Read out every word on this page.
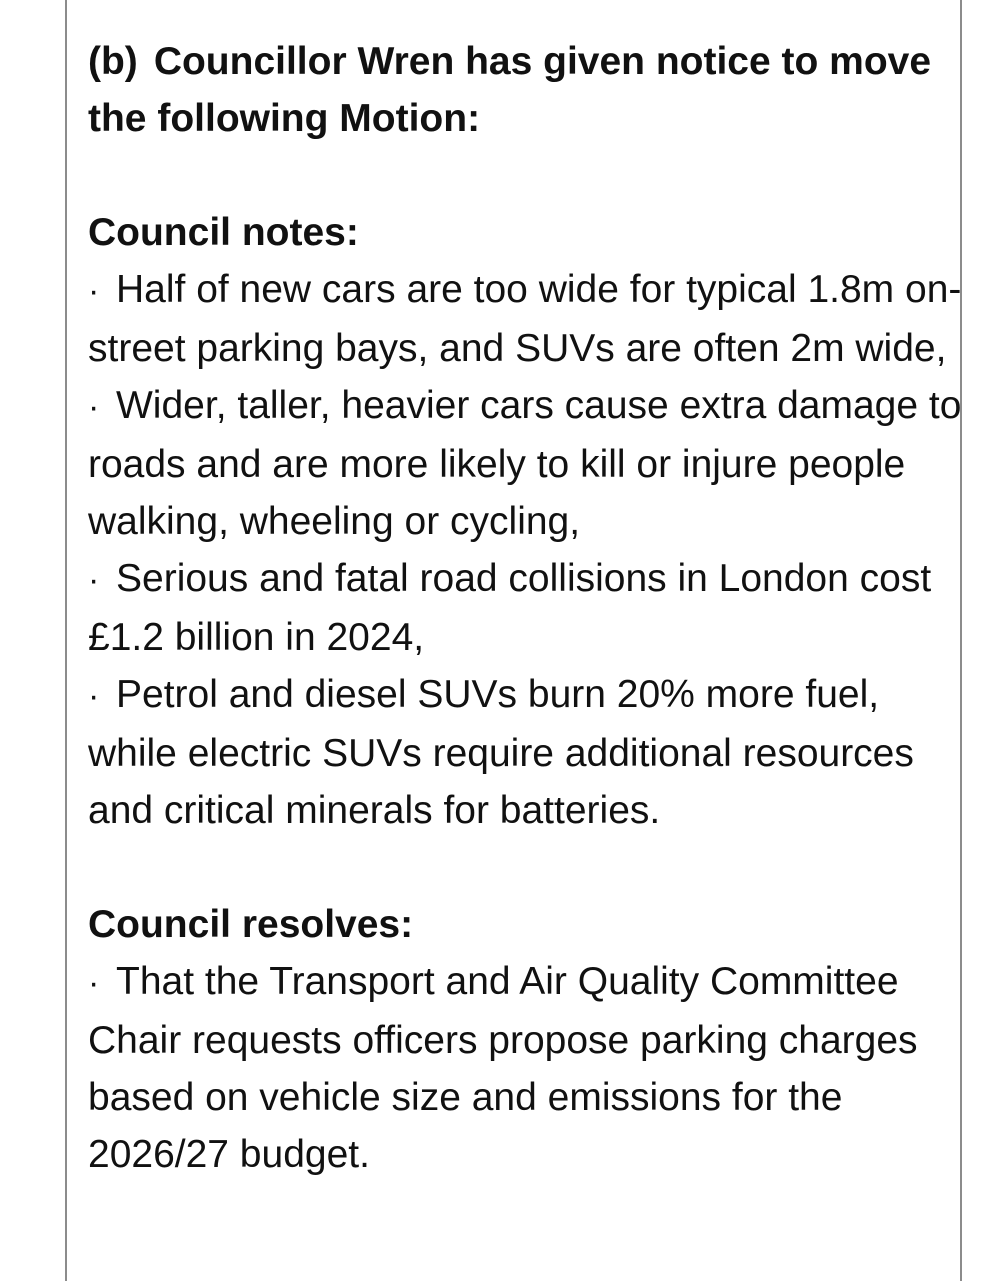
(b) Councillor Wren has given notice to move the following Motion:

Council notes:

· Half of new cars are too wide for typical 1.8m on-street parking bays, and SUVs are often 2m wide,
· Wider, taller, heavier cars cause extra damage to roads and are more likely to kill or injure people walking, wheeling or cycling,
· Serious and fatal road collisions in London cost £1.2 billion in 2024,
· Petrol and diesel SUVs burn 20% more fuel, while electric SUVs require additional resources and critical minerals for batteries.

Council resolves:

· That the Transport and Air Quality Committee Chair requests officers propose parking charges based on vehicle size and emissions for the 2026/27 budget.
